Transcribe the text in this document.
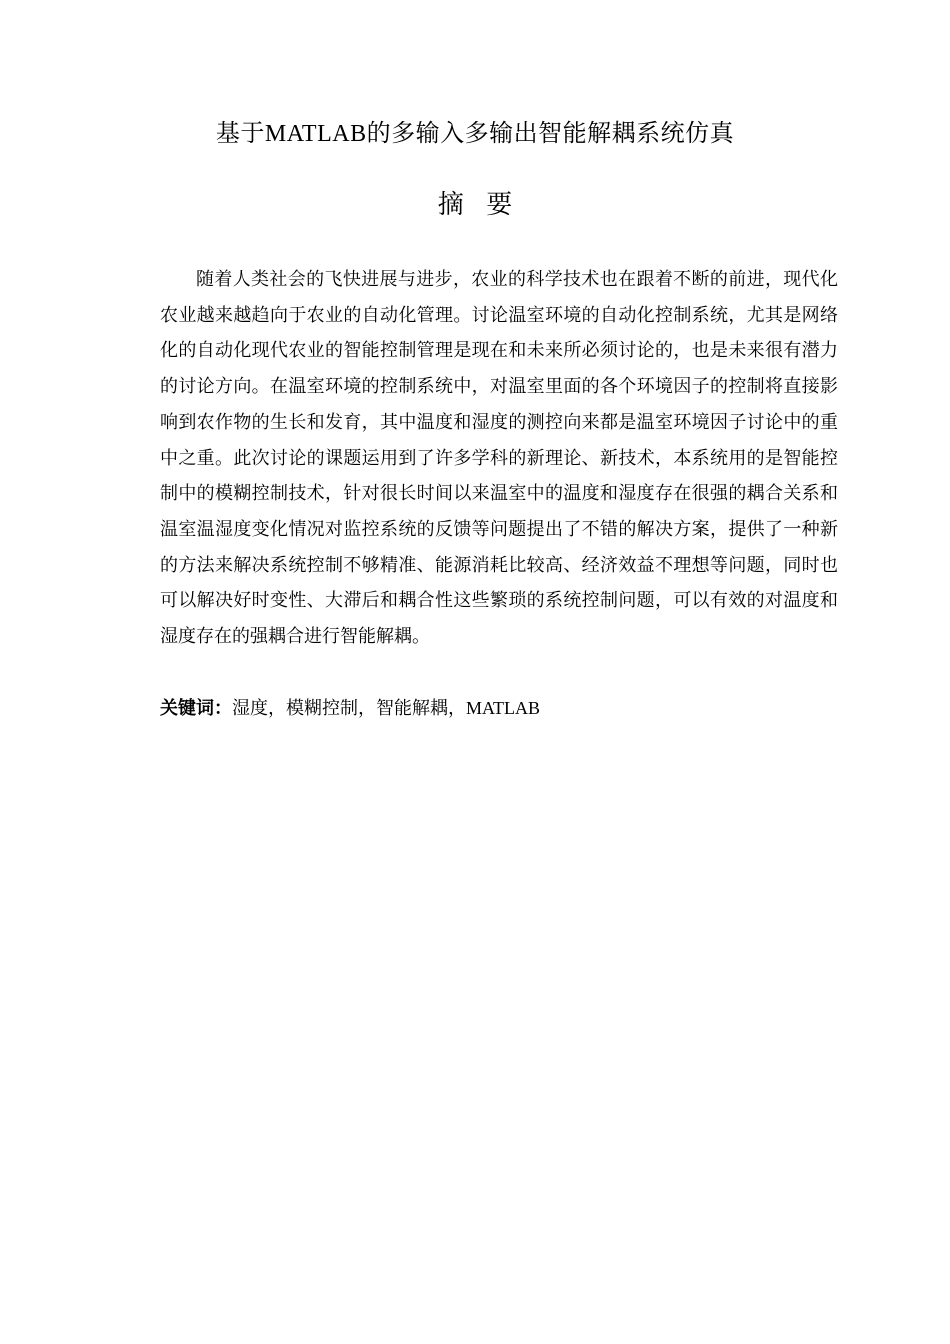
基于MATLAB的多输入多输出智能解耦系统仿真
摘 要

随着人类社会的飞快进展与进步，农业的科学技术也在跟着不断的前进，现代化农业越来越趋向于农业的自动化管理。讨论温室环境的自动化控制系统，尤其是网络化的自动化现代农业的智能控制管理是现在和未来所必须讨论的，也是未来很有潜力的讨论方向。在温室环境的控制系统中，对温室里面的各个环境因子的控制将直接影响到农作物的生长和发育，其中温度和湿度的测控向来都是温室环境因子讨论中的重中之重。此次讨论的课题运用到了许多学科的新理论、新技术，本系统用的是智能控制中的模糊控制技术，针对很长时间以来温室中的温度和湿度存在很强的耦合关系和温室温湿度变化情况对监控系统的反馈等问题提出了不错的解决方案，提供了一种新的方法来解决系统控制不够精准、能源消耗比较高、经济效益不理想等问题，同时也可以解决好时变性、大滞后和耦合性这些繁琐的系统控制问题，可以有效的对温度和湿度存在的强耦合进行智能解耦。

关键词：湿度，模糊控制，智能解耦，MATLAB
